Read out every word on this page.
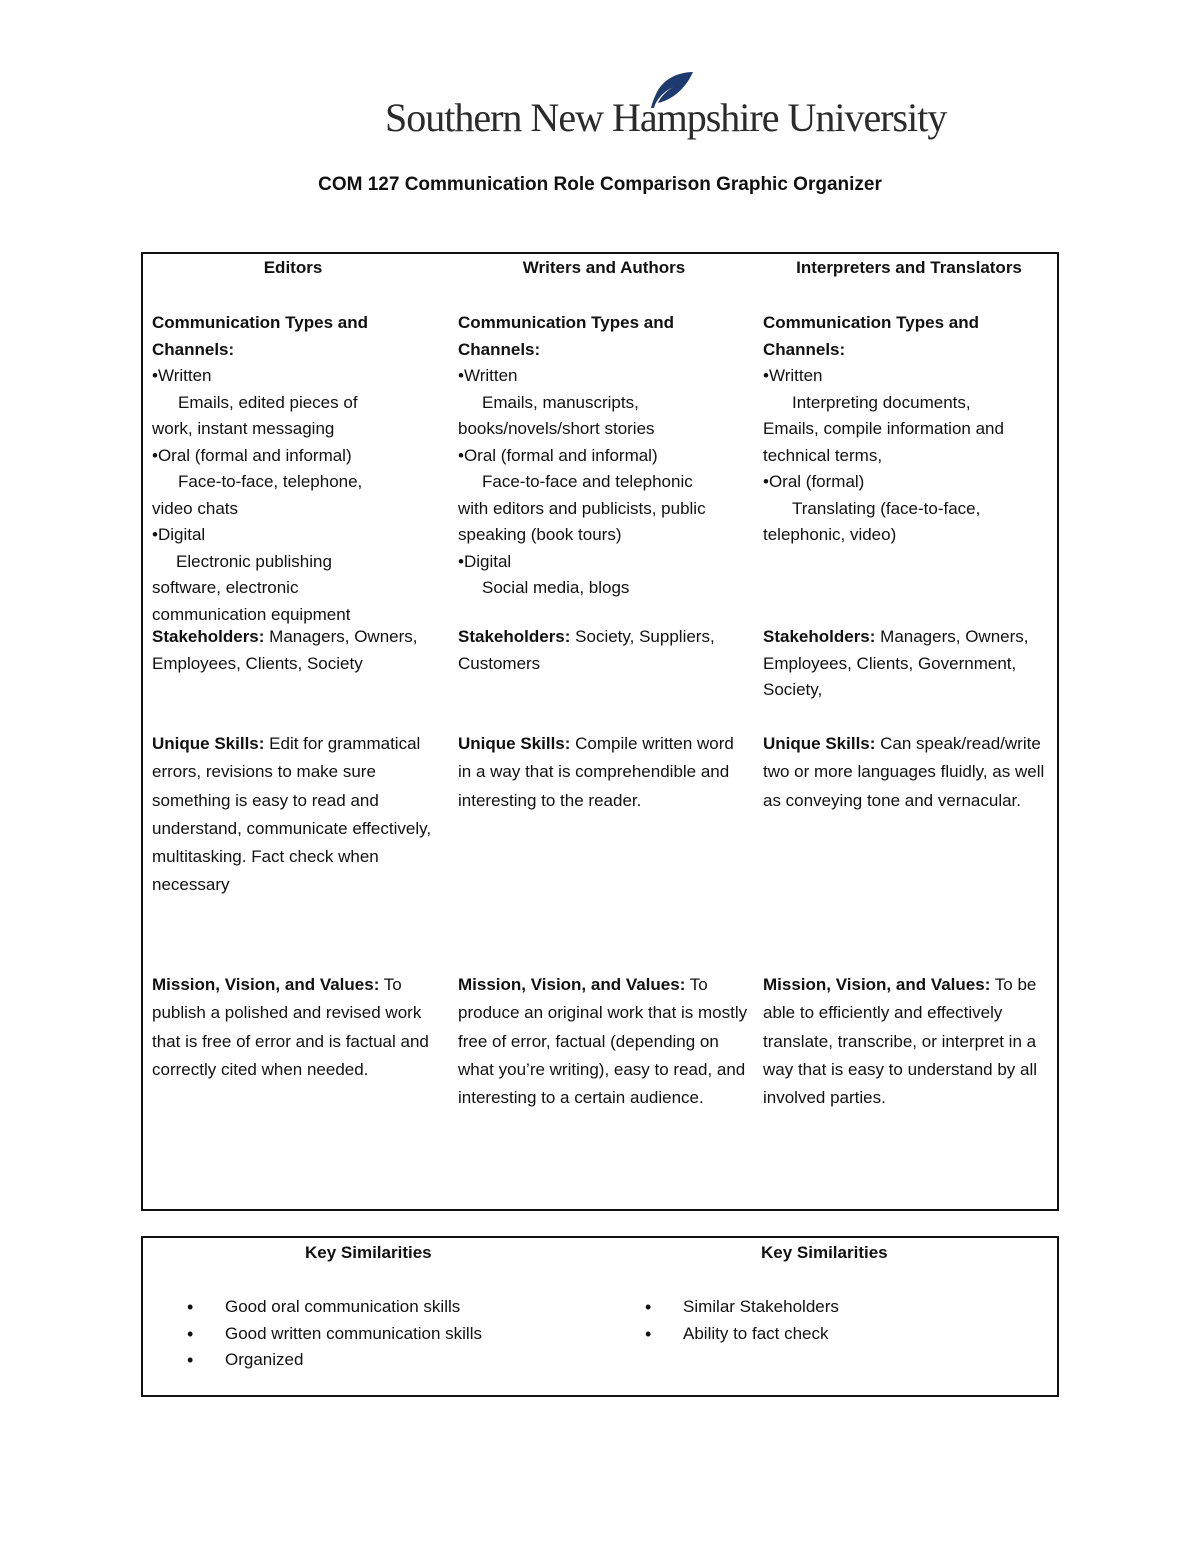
Southern New Hampshire University
COM 127 Communication Role Comparison Graphic Organizer
Editors
Communication Types and
Channels:
•Written
Emails, edited pieces of
work, instant messaging
•Oral (formal and informal)
Face-to-face, telephone,
video chats
•Digital
Electronic publishing
software, electronic
communication equipment
Stakeholders: Managers, Owners, Employees, Clients, Society
Unique Skills: Edit for grammatical errors, revisions to make sure something is easy to read and understand, communicate effectively, multitasking. Fact check when necessary
Mission, Vision, and Values: To publish a polished and revised work that is free of error and is factual and correctly cited when needed.
Writers and Authors
Communication Types and
Channels:
•Written
Emails, manuscripts,
books/novels/short stories
•Oral (formal and informal)
Face-to-face and telephonic
with editors and publicists, public speaking (book tours)
•Digital
Social media, blogs
Stakeholders: Society, Suppliers, Customers
Unique Skills: Compile written word in a way that is comprehendible and interesting to the reader.
Mission, Vision, and Values: To produce an original work that is mostly free of error, factual (depending on what you’re writing), easy to read, and interesting to a certain audience.
Interpreters and Translators
Communication Types and
Channels:
•Written
Interpreting documents,
Emails, compile information and technical terms,
•Oral (formal)
Translating (face-to-face,
telephonic, video)
Stakeholders: Managers, Owners, Employees, Clients, Government, Society,
Unique Skills: Can speak/read/write two or more languages fluidly, as well as conveying tone and vernacular.
Mission, Vision, and Values: To be able to efficiently and effectively translate, transcribe, or interpret in a way that is easy to understand by all involved parties.
Key Similarities	Key Similarities
• Good oral communication skills
• Good written communication skills
• Organized
• Similar Stakeholders
• Ability to fact check
